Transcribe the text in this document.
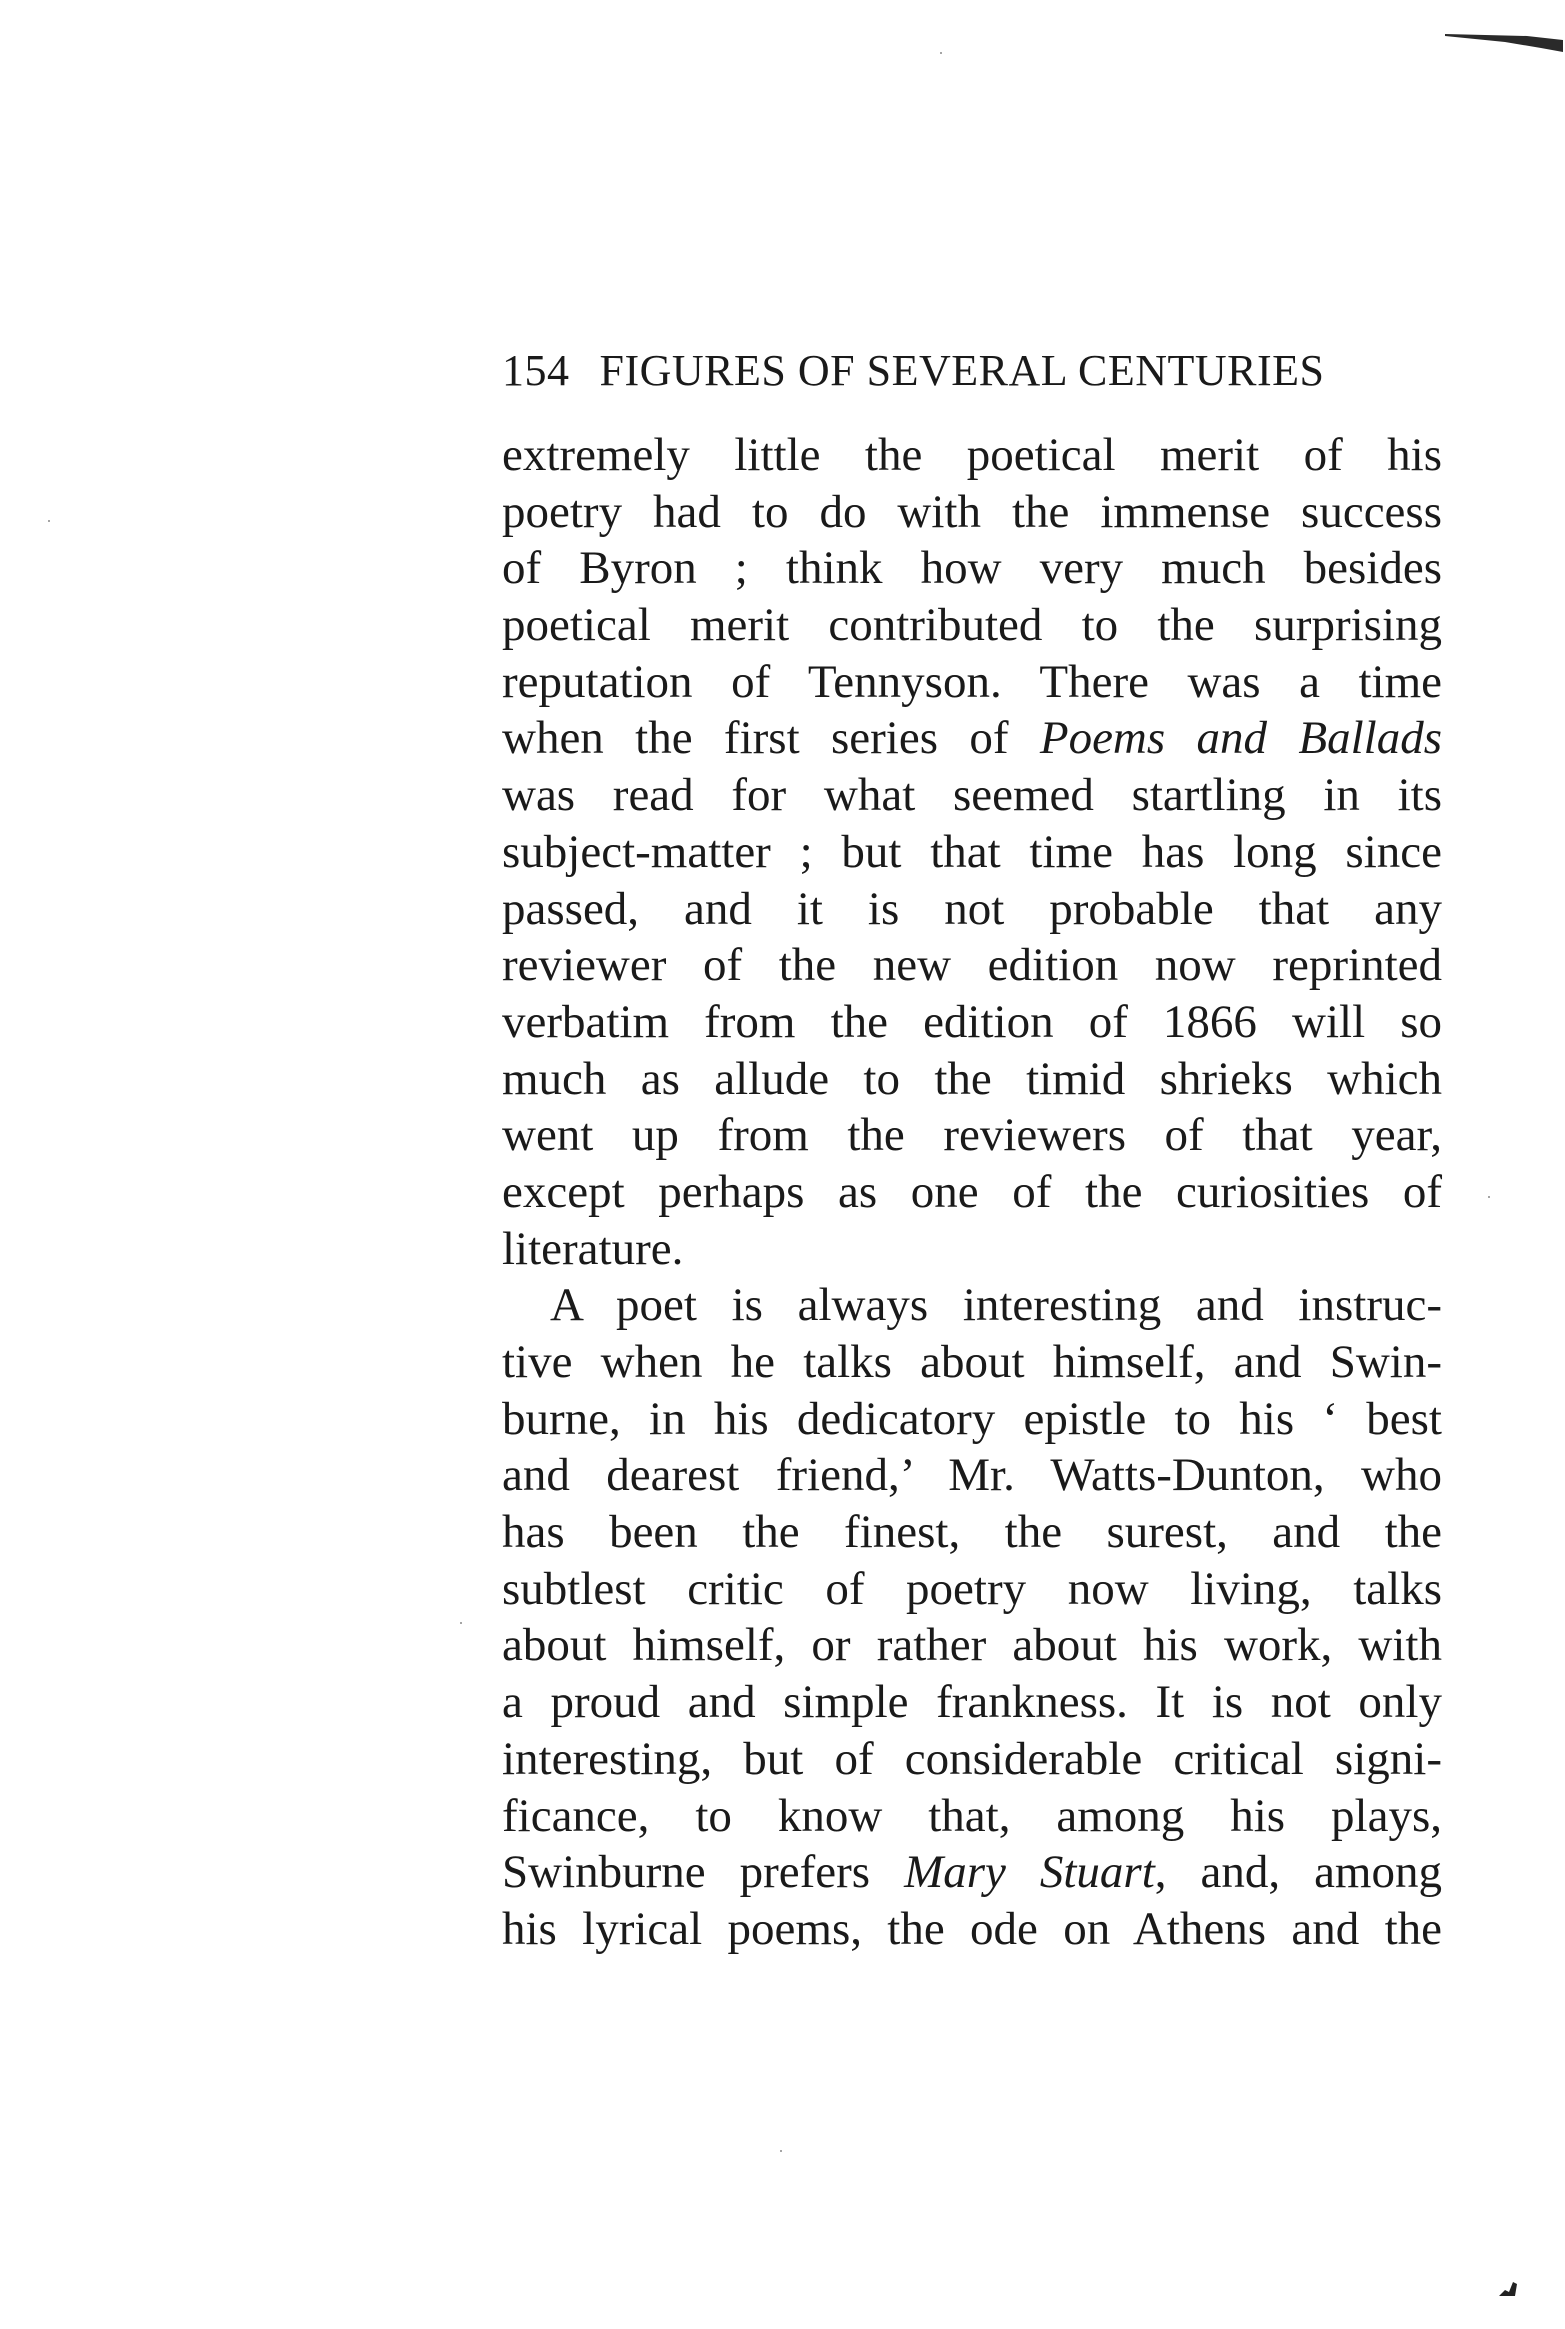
154 FIGURES OF SEVERAL CENTURIES
extremely little the poetical merit of his
poetry had to do with the immense success
of Byron ; think how very much besides
poetical merit contributed to the surprising
reputation of Tennyson. There was a time
when the first series of Poems and Ballads
was read for what seemed startling in its
subject-matter ; but that time has long since
passed, and it is not probable that any
reviewer of the new edition now reprinted
verbatim from the edition of 1866 will so
much as allude to the timid shrieks which
went up from the reviewers of that year,
except perhaps as one of the curiosities of
literature.
A poet is always interesting and instruc-
tive when he talks about himself, and Swin-
burne, in his dedicatory epistle to his ‘ best
and dearest friend,’ Mr. Watts-Dunton, who
has been the finest, the surest, and the
subtlest critic of poetry now living, talks
about himself, or rather about his work, with
a proud and simple frankness. It is not only
interesting, but of considerable critical signi-
ficance, to know that, among his plays,
Swinburne prefers Mary Stuart, and, among
his lyrical poems, the ode on Athens and the
